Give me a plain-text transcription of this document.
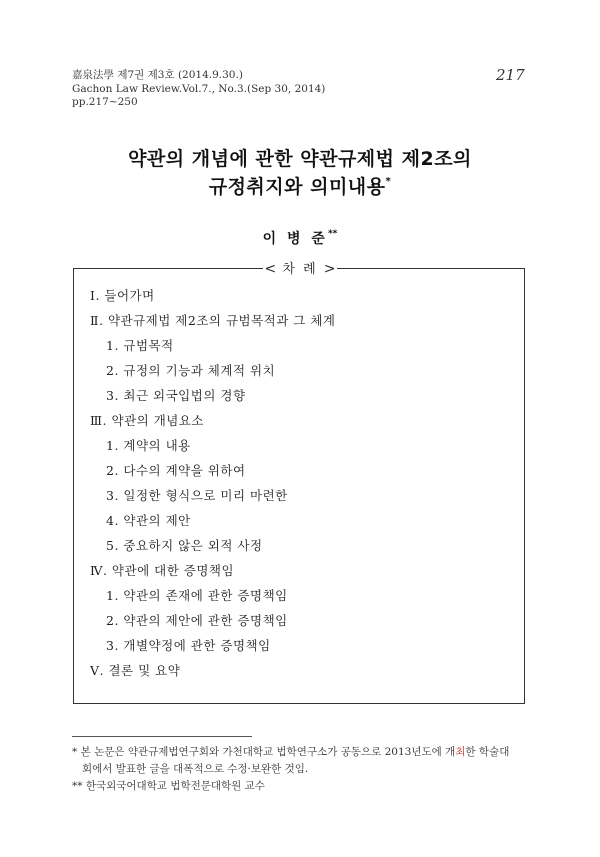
嘉泉法學 제7권 제3호 (2014.9.30.)
Gachon Law Review.Vol.7., No.3.(Sep 30, 2014)
pp.217~250
217
약관의 개념에 관한 약관규제법 제2조의
규정취지와 의미내용*
이 병 준**
< 차 례 >
Ⅰ. 들어가며
Ⅱ. 약관규제법 제2조의 규범목적과 그 체계
1. 규범목적
2. 규정의 기능과 체계적 위치
3. 최근 외국입법의 경향
Ⅲ. 약관의 개념요소
1. 계약의 내용
2. 다수의 계약을 위하여
3. 일정한 형식으로 미리 마련한
4. 약관의 제안
5. 중요하지 않은 외적 사정
Ⅳ. 약관에 대한 증명책임
1. 약관의 존재에 관한 증명책임
2. 약관의 제안에 관한 증명책임
3. 개별약정에 관한 증명책임
Ⅴ. 결론 및 요약
* 본 논문은 약관규제법연구회와 가천대학교 법학연구소가 공동으로 2013년도에 개최한 학술대
회에서 발표한 글을 대폭적으로 수정·보완한 것임.
** 한국외국어대학교 법학전문대학원 교수
